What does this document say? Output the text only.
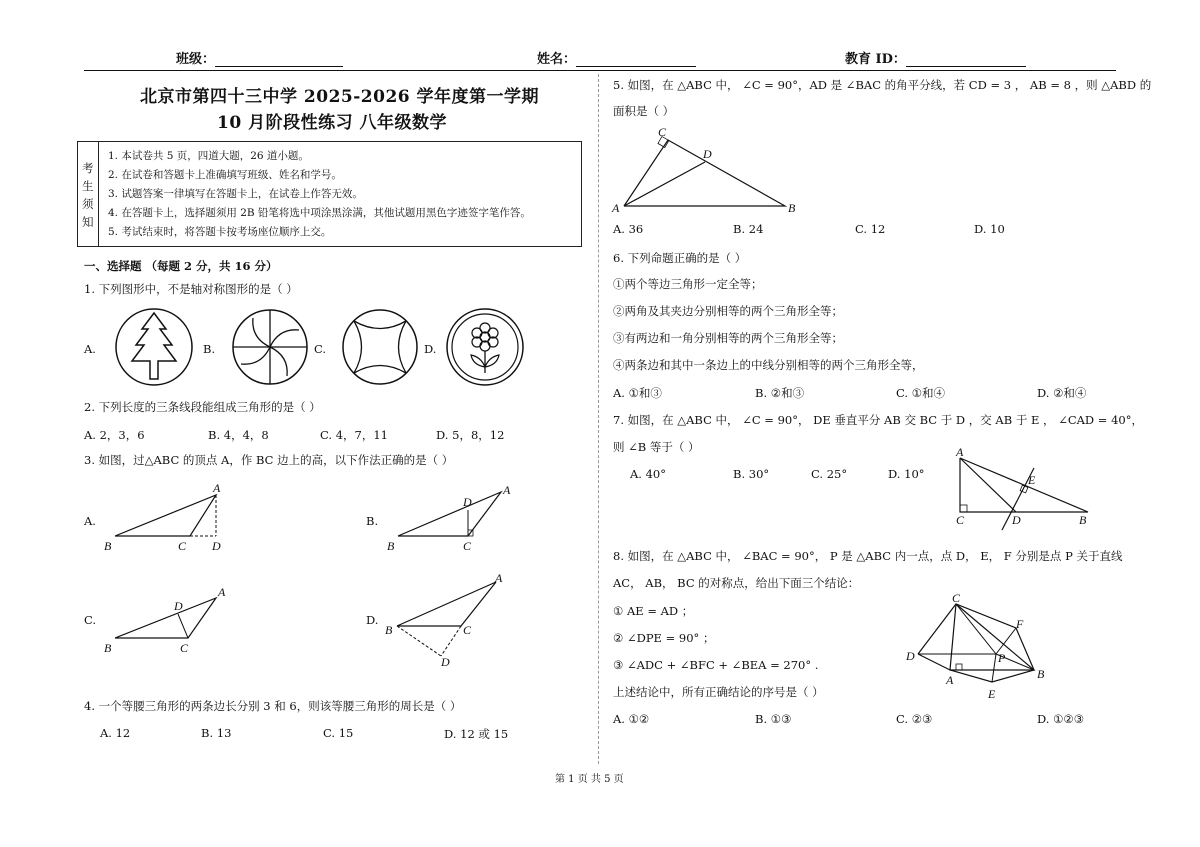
班级：	姓名：	教育 ID：
北京市第四十三中学 2025-2026 学年度第一学期
10 月阶段性练习 八年级数学
考
生
须
知
1. 本试卷共 5 页，四道大题，26 道小题。
2. 在试卷和答题卡上准确填写班级、姓名和学号。
3. 试题答案一律填写在答题卡上，在试卷上作答无效。
4. 在答题卡上，选择题须用 2B 铅笔将选中项涂黑涂满，其他试题用黑色字迹签字笔作答。
5. 考试结束时，将答题卡按考场座位顺序上交。
一、选择题 （每题 2 分，共 16 分）
1. 下列图形中，不是轴对称图形的是（ ）
A.	B.	C.	D.
2. 下列长度的三条线段能组成三角形的是（ ）
A. 2，3，6	B. 4，4，8	C. 4，7，11	D. 5，8，12
3. 如图，过△ABC 的顶点 A，作 BC 边上的高，以下作法正确的是（ ）
A.	B.
C.	D.
A
B	C D
A
B	C
D
A
B	C
D
A
B	C
D
4. 一个等腰三角形的两条边长分别 3 和 6，则该等腰三角形的周长是（ ）
A. 12	B. 13	C. 15	D. 12 或 15
5. 如图，在 △ABC 中， ∠C = 90°，AD 是 ∠BAC 的角平分线，若 CD = 3 ， AB = 8 ，则 △ABD 的
面积是（ ）
C
D
A	B
A. 36	B. 24	C. 12	D. 10
6. 下列命题正确的是（ ）
①两个等边三角形一定全等；
②两角及其夹边分别相等的两个三角形全等；
③有两边和一角分别相等的两个三角形全等；
④两条边和其中一条边上的中线分别相等的两个三角形全等，
A. ①和③	B. ②和③	C. ①和④	D. ②和④
7. 如图，在 △ABC 中， ∠C = 90°， DE 垂直平分 AB 交 BC 于 D ，交 AB 于 E ， ∠CAD = 40°，
则 ∠B 等于（ ）
A. 40°	B. 30°	C. 25°	D. 10°
A
E
C	D	B
8. 如图，在 △ABC 中， ∠BAC = 90°， P 是 △ABC 内一点，点 D， E， F 分别是点 P 关于直线
AC， AB， BC 的对称点，给出下面三个结论：
① AE = AD ；
② ∠DPE = 90° ；
③ ∠ADC + ∠BFC + ∠BEA = 270° .
上述结论中，所有正确结论的序号是（ ）
A. ①②	B. ①③	C. ②③	D. ①②③
C
F
D	P
A
E
B
第 1 页 共 5 页
